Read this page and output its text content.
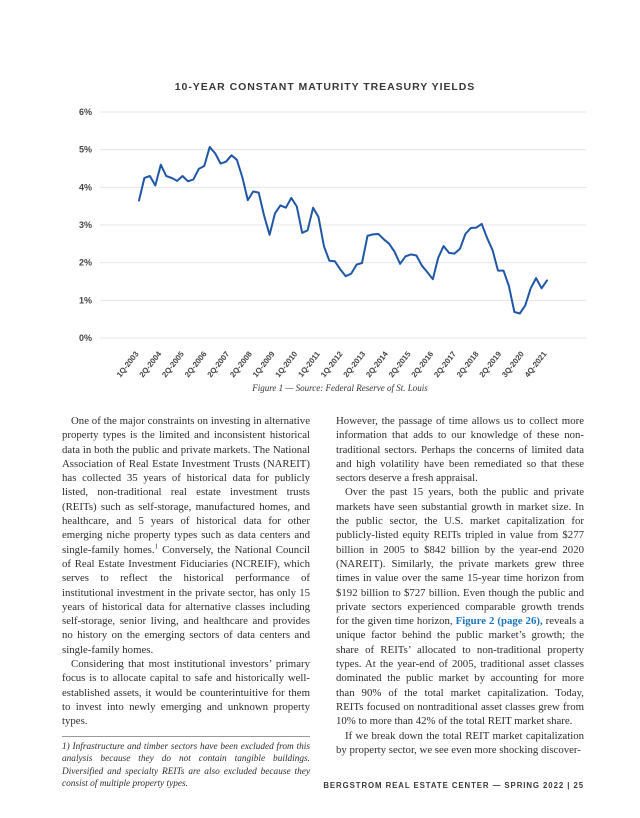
10-YEAR CONSTANT MATURITY TREASURY YIELDS
0%
1%
2%
3%
4%
5%
6%
1Q-2003
2Q-2004
2Q-2005
2Q-2006
2Q-2007
2Q-2008
1Q-2009
1Q-2010
1Q-2011
1Q-2012
2Q-2013
2Q-2014
2Q-2015
2Q-2016
2Q-2017
2Q-2018
2Q-2019
3Q-2020
4Q-2021
Figure 1 — Source: Federal Reserve of St. Louis

One of the major constraints on investing in alternative property types is the limited and inconsistent historical data in both the public and private markets. The National Association of Real Estate Investment Trusts (NAREIT) has collected 35 years of historical data for publicly listed, non-traditional real estate investment trusts (REITs) such as self-storage, manufactured homes, and healthcare, and 5 years of historical data for other emerging niche property types such as data centers and single-family homes.$^1$ Conversely, the National Council of Real Estate Investment Fiduciaries (NCREIF), which serves to reflect the historical performance of institutional investment in the private sector, has only 15 years of historical data for alternative classes including self-storage, senior living, and healthcare and provides no history on the emerging sectors of data centers and single-family homes.

Considering that most institutional investors’ primary focus is to allocate capital to safe and historically well-established assets, it would be counterintuitive for them to invest into newly emerging and unknown property types.

1) Infrastructure and timber sectors have been excluded from this analysis because they do not contain tangible buildings. Diversified and specialty REITs are also excluded because they consist of multiple property types.

However, the passage of time allows us to collect more information that adds to our knowledge of these non-traditional sectors. Perhaps the concerns of limited data and high volatility have been remediated so that these sectors deserve a fresh appraisal.

Over the past 15 years, both the public and private markets have seen substantial growth in market size. In the public sector, the U.S. market capitalization for publicly-listed equity REITs tripled in value from $277 billion in 2005 to $842 billion by the year-end 2020 (NAREIT). Similarly, the private markets grew three times in value over the same 15-year time horizon from $192 billion to $727 billion. Even though the public and private sectors experienced comparable growth trends for the given time horizon, Figure 2 (page 26), reveals a unique factor behind the public market’s growth; the share of REITs’ allocated to non-traditional property types. At the year-end of 2005, traditional asset classes dominated the public market by accounting for more than 90% of the total market capitalization. Today, REITs focused on nontraditional asset classes grew from 10% to more than 42% of the total REIT market share.

If we break down the total REIT market capitalization by property sector, we see even more shocking discover-

BERGSTROM REAL ESTATE CENTER — SPRING 2022 | 25
